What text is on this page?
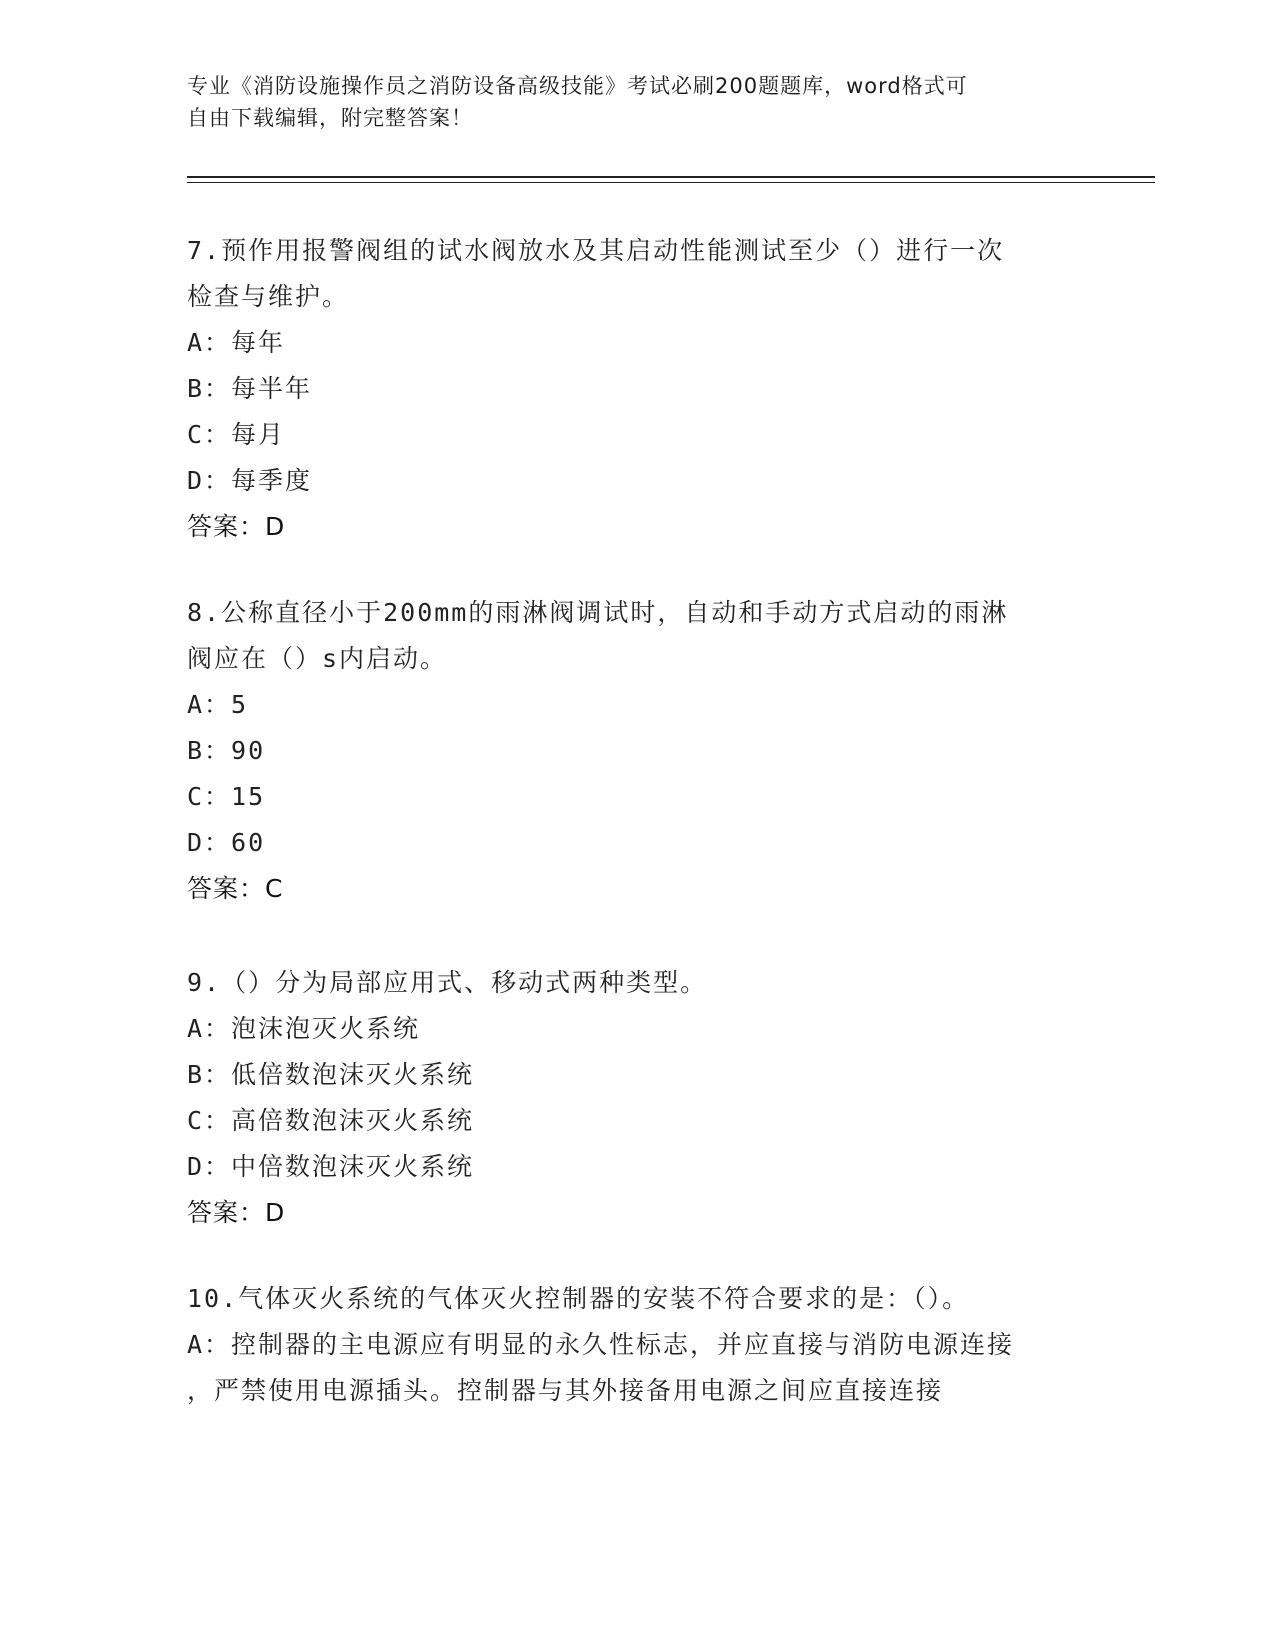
专业《消防设施操作员之消防设备高级技能》考试必刷200题题库，word格式可
自由下载编辑，附完整答案！
7.预作用报警阀组的试水阀放水及其启动性能测试至少（）进行一次
检查与维护。
A：每年
B：每半年
C：每月
D：每季度
答案：D
8.公称直径小于200mm的雨淋阀调试时，自动和手动方式启动的雨淋
阀应在（）s内启动。
A：5
B：90
C：15
D：60
答案：C
9.（）分为局部应用式、移动式两种类型。
A：泡沫泡灭火系统
B：低倍数泡沫灭火系统
C：高倍数泡沫灭火系统
D：中倍数泡沫灭火系统
答案：D
10.气体灭火系统的气体灭火控制器的安装不符合要求的是：（）。
A：控制器的主电源应有明显的永久性标志，并应直接与消防电源连接
，严禁使用电源插头。控制器与其外接备用电源之间应直接连接
